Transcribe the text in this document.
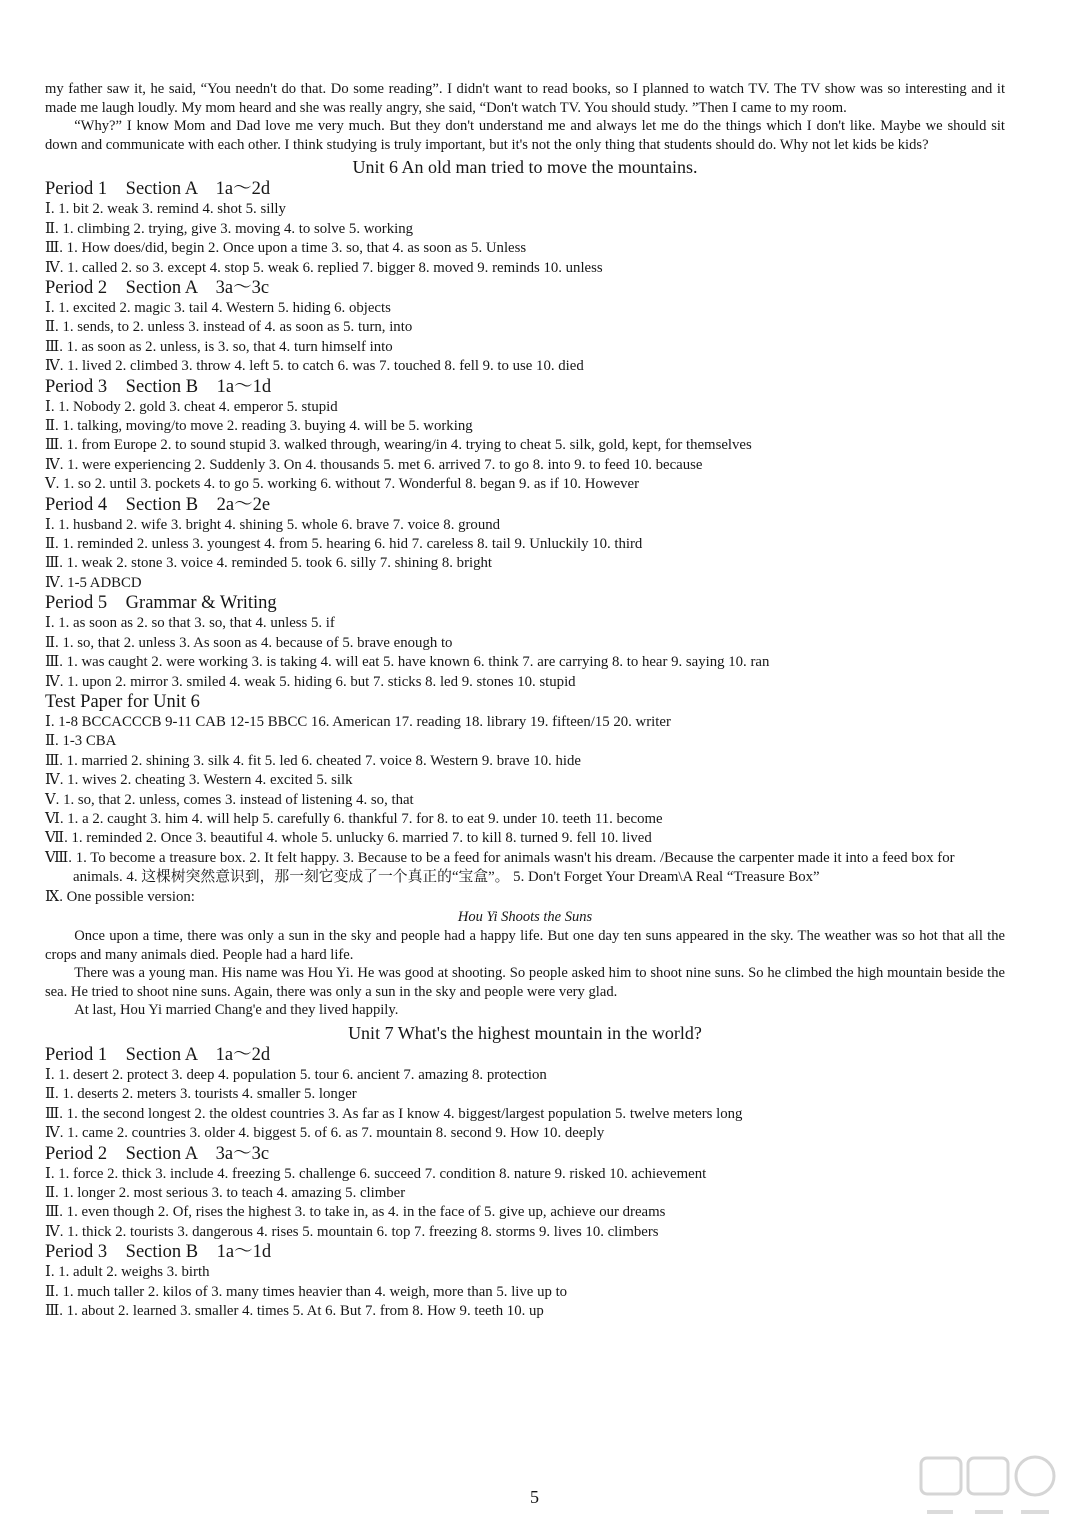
my father saw it, he said, “You needn't do that. Do some reading”. I didn't want to read books, so I planned to watch TV. The TV show was so interesting and it made me laugh loudly. My mom heard and she was really angry, she said, “Don't watch TV. You should study. ”Then I came to my room.

“Why?” I know Mom and Dad love me very much. But they don't understand me and always let me do the things which I don't like. Maybe we should sit down and communicate with each other. I think studying is truly important, but it's not the only thing that students should do. Why not let kids be kids?

Unit 6 An old man tried to move the mountains.
Period 1    Section A    1a～2d
Ⅰ. 1. bit 2. weak 3. remind 4. shot 5. silly
Ⅱ. 1. climbing 2. trying, give 3. moving 4. to solve 5. working
Ⅲ. 1. How does/did, begin 2. Once upon a time 3. so, that 4. as soon as 5. Unless
Ⅳ. 1. called 2. so 3. except 4. stop 5. weak 6. replied 7. bigger 8. moved 9. reminds 10. unless
Period 2    Section A    3a～3c
Ⅰ. 1. excited 2. magic 3. tail 4. Western 5. hiding 6. objects
Ⅱ. 1. sends, to 2. unless 3. instead of 4. as soon as 5. turn, into
Ⅲ. 1. as soon as 2. unless, is 3. so, that 4. turn himself into
Ⅳ. 1. lived 2. climbed 3. throw 4. left 5. to catch 6. was 7. touched 8. fell 9. to use 10. died
Period 3    Section B    1a～1d
Ⅰ. 1. Nobody 2. gold 3. cheat 4. emperor 5. stupid
Ⅱ. 1. talking, moving/to move 2. reading 3. buying 4. will be 5. working
Ⅲ. 1. from Europe 2. to sound stupid 3. walked through, wearing/in 4. trying to cheat 5. silk, gold, kept, for themselves
Ⅳ. 1. were experiencing 2. Suddenly 3. On 4. thousands 5. met 6. arrived 7. to go 8. into 9. to feed 10. because
Ⅴ. 1. so 2. until 3. pockets 4. to go 5. working 6. without 7. Wonderful 8. began 9. as if 10. However
Period 4    Section B    2a～2e
Ⅰ. 1. husband 2. wife 3. bright 4. shining 5. whole 6. brave 7. voice 8. ground
Ⅱ. 1. reminded 2. unless 3. youngest 4. from 5. hearing 6. hid 7. careless 8. tail 9. Unluckily 10. third
Ⅲ. 1. weak 2. stone 3. voice 4. reminded 5. took 6. silly 7. shining 8. bright
Ⅳ. 1-5 ADBCD
Period 5    Grammar & Writing
Ⅰ. 1. as soon as 2. so that 3. so, that 4. unless 5. if
Ⅱ. 1. so, that 2. unless 3. As soon as 4. because of 5. brave enough to
Ⅲ. 1. was caught 2. were working 3. is taking 4. will eat 5. have known 6. think 7. are carrying 8. to hear 9. saying 10. ran
Ⅳ. 1. upon 2. mirror 3. smiled 4. weak 5. hiding 6. but 7. sticks 8. led 9. stones 10. stupid
Test Paper for Unit 6
Ⅰ. 1-8 BCCACCCB 9-11 CAB 12-15 BBCC 16. American 17. reading 18. library 19. fifteen/15 20. writer
Ⅱ. 1-3 CBA
Ⅲ. 1. married 2. shining 3. silk 4. fit 5. led 6. cheated 7. voice 8. Western 9. brave 10. hide
Ⅳ. 1. wives 2. cheating 3. Western 4. excited 5. silk
Ⅴ. 1. so, that 2. unless, comes 3. instead of listening 4. so, that
Ⅵ. 1. a 2. caught 3. him 4. will help 5. carefully 6. thankful 7. for 8. to eat 9. under 10. teeth 11. become
Ⅶ. 1. reminded 2. Once 3. beautiful 4. whole 5. unlucky 6. married 7. to kill 8. turned 9. fell 10. lived
Ⅷ. 1. To become a treasure box. 2. It felt happy. 3. Because to be a feed for animals wasn't his dream. /Because the carpenter made it into a feed box for animals. 4. 这棵树突然意识到，那一刻它变成了一个真正的“宝盒”。 5. Don't Forget Your Dream\A Real “Treasure Box”
Ⅸ. One possible version:
Hou Yi Shoots the Suns

Once upon a time, there was only a sun in the sky and people had a happy life. But one day ten suns appeared in the sky. The weather was so hot that all the crops and many animals died. People had a hard life.

There was a young man. His name was Hou Yi. He was good at shooting. So people asked him to shoot nine suns. So he climbed the high mountain beside the sea. He tried to shoot nine suns. Again, there was only a sun in the sky and people were very glad.

At last, Hou Yi married Chang'e and they lived happily.

Unit 7 What's the highest mountain in the world?
Period 1    Section A    1a～2d
Ⅰ. 1. desert 2. protect 3. deep 4. population 5. tour 6. ancient 7. amazing 8. protection
Ⅱ. 1. deserts 2. meters 3. tourists 4. smaller 5. longer
Ⅲ. 1. the second longest 2. the oldest countries 3. As far as I know 4. biggest/largest population 5. twelve meters long
Ⅳ. 1. came 2. countries 3. older 4. biggest 5. of 6. as 7. mountain 8. second 9. How 10. deeply
Period 2    Section A    3a～3c
Ⅰ. 1. force 2. thick 3. include 4. freezing 5. challenge 6. succeed 7. condition 8. nature 9. risked 10. achievement
Ⅱ. 1. longer 2. most serious 3. to teach 4. amazing 5. climber
Ⅲ. 1. even though 2. Of, rises the highest 3. to take in, as 4. in the face of 5. give up, achieve our dreams
Ⅳ. 1. thick 2. tourists 3. dangerous 4. rises 5. mountain 6. top 7. freezing 8. storms 9. lives 10. climbers
Period 3    Section B    1a～1d
Ⅰ. 1. adult 2. weighs 3. birth
Ⅱ. 1. much taller 2. kilos of 3. many times heavier than 4. weigh, more than 5. live up to
Ⅲ. 1. about 2. learned 3. smaller 4. times 5. At 6. But 7. from 8. How 9. teeth 10. up
5
